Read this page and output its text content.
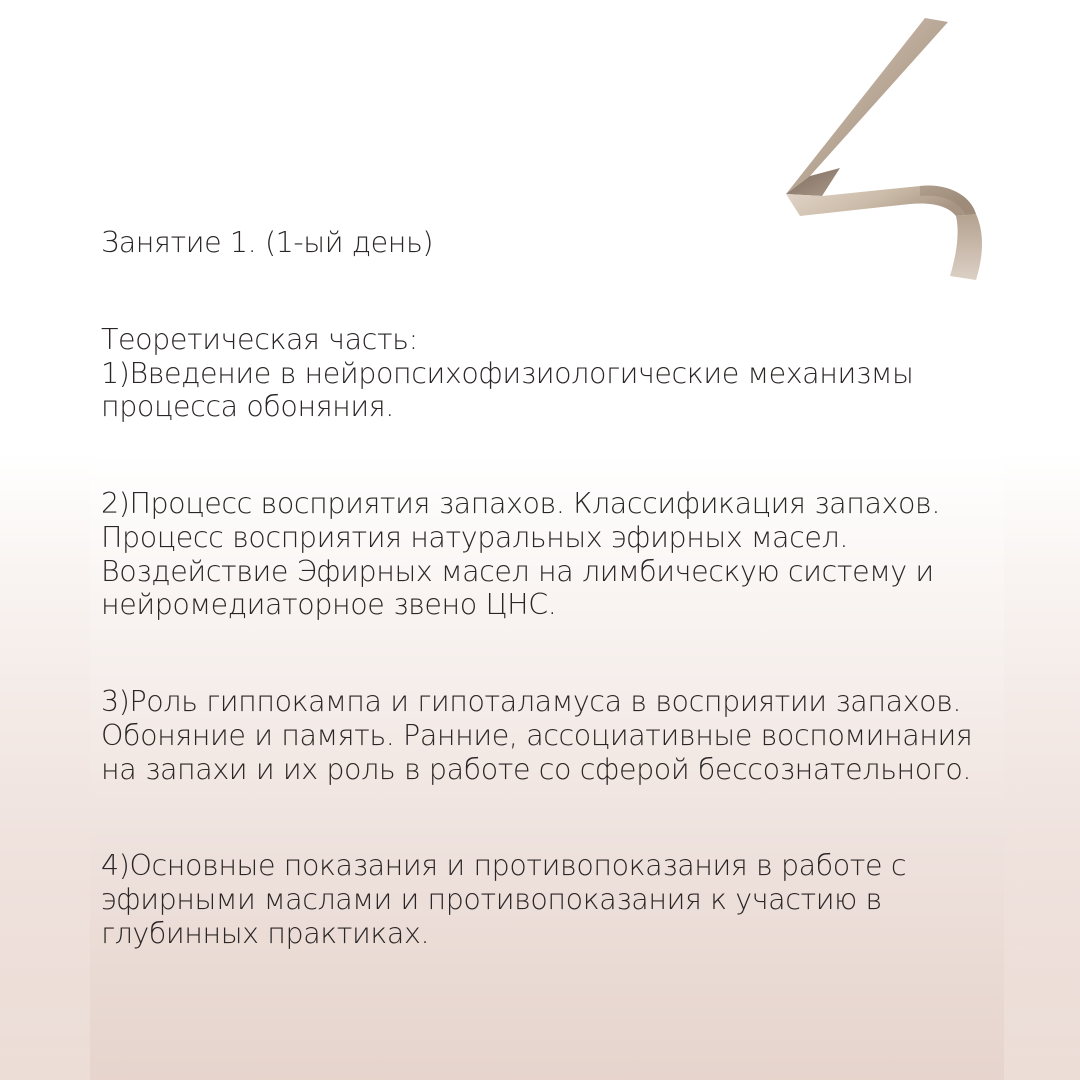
Занятие 1. (1-ый день)

Теоретическая часть:

1)Введение в нейропсихофизиологические механизмы
процесса обоняния.

2)Процесс восприятия запахов. Классификация запахов.
Процесс восприятия натуральных эфирных масел.
Воздействие Эфирных масел на лимбическую систему и
нейромедиаторное звено ЦНС.

3)Роль гиппокампа и гипоталамуса в восприятии запахов.
Обоняние и память. Ранние, ассоциативные воспоминания
на запахи и их роль в работе со сферой бессознательного.

4)Основные показания и противопоказания в работе с
эфирными маслами и противопоказания к участию в
глубинных практиках.
